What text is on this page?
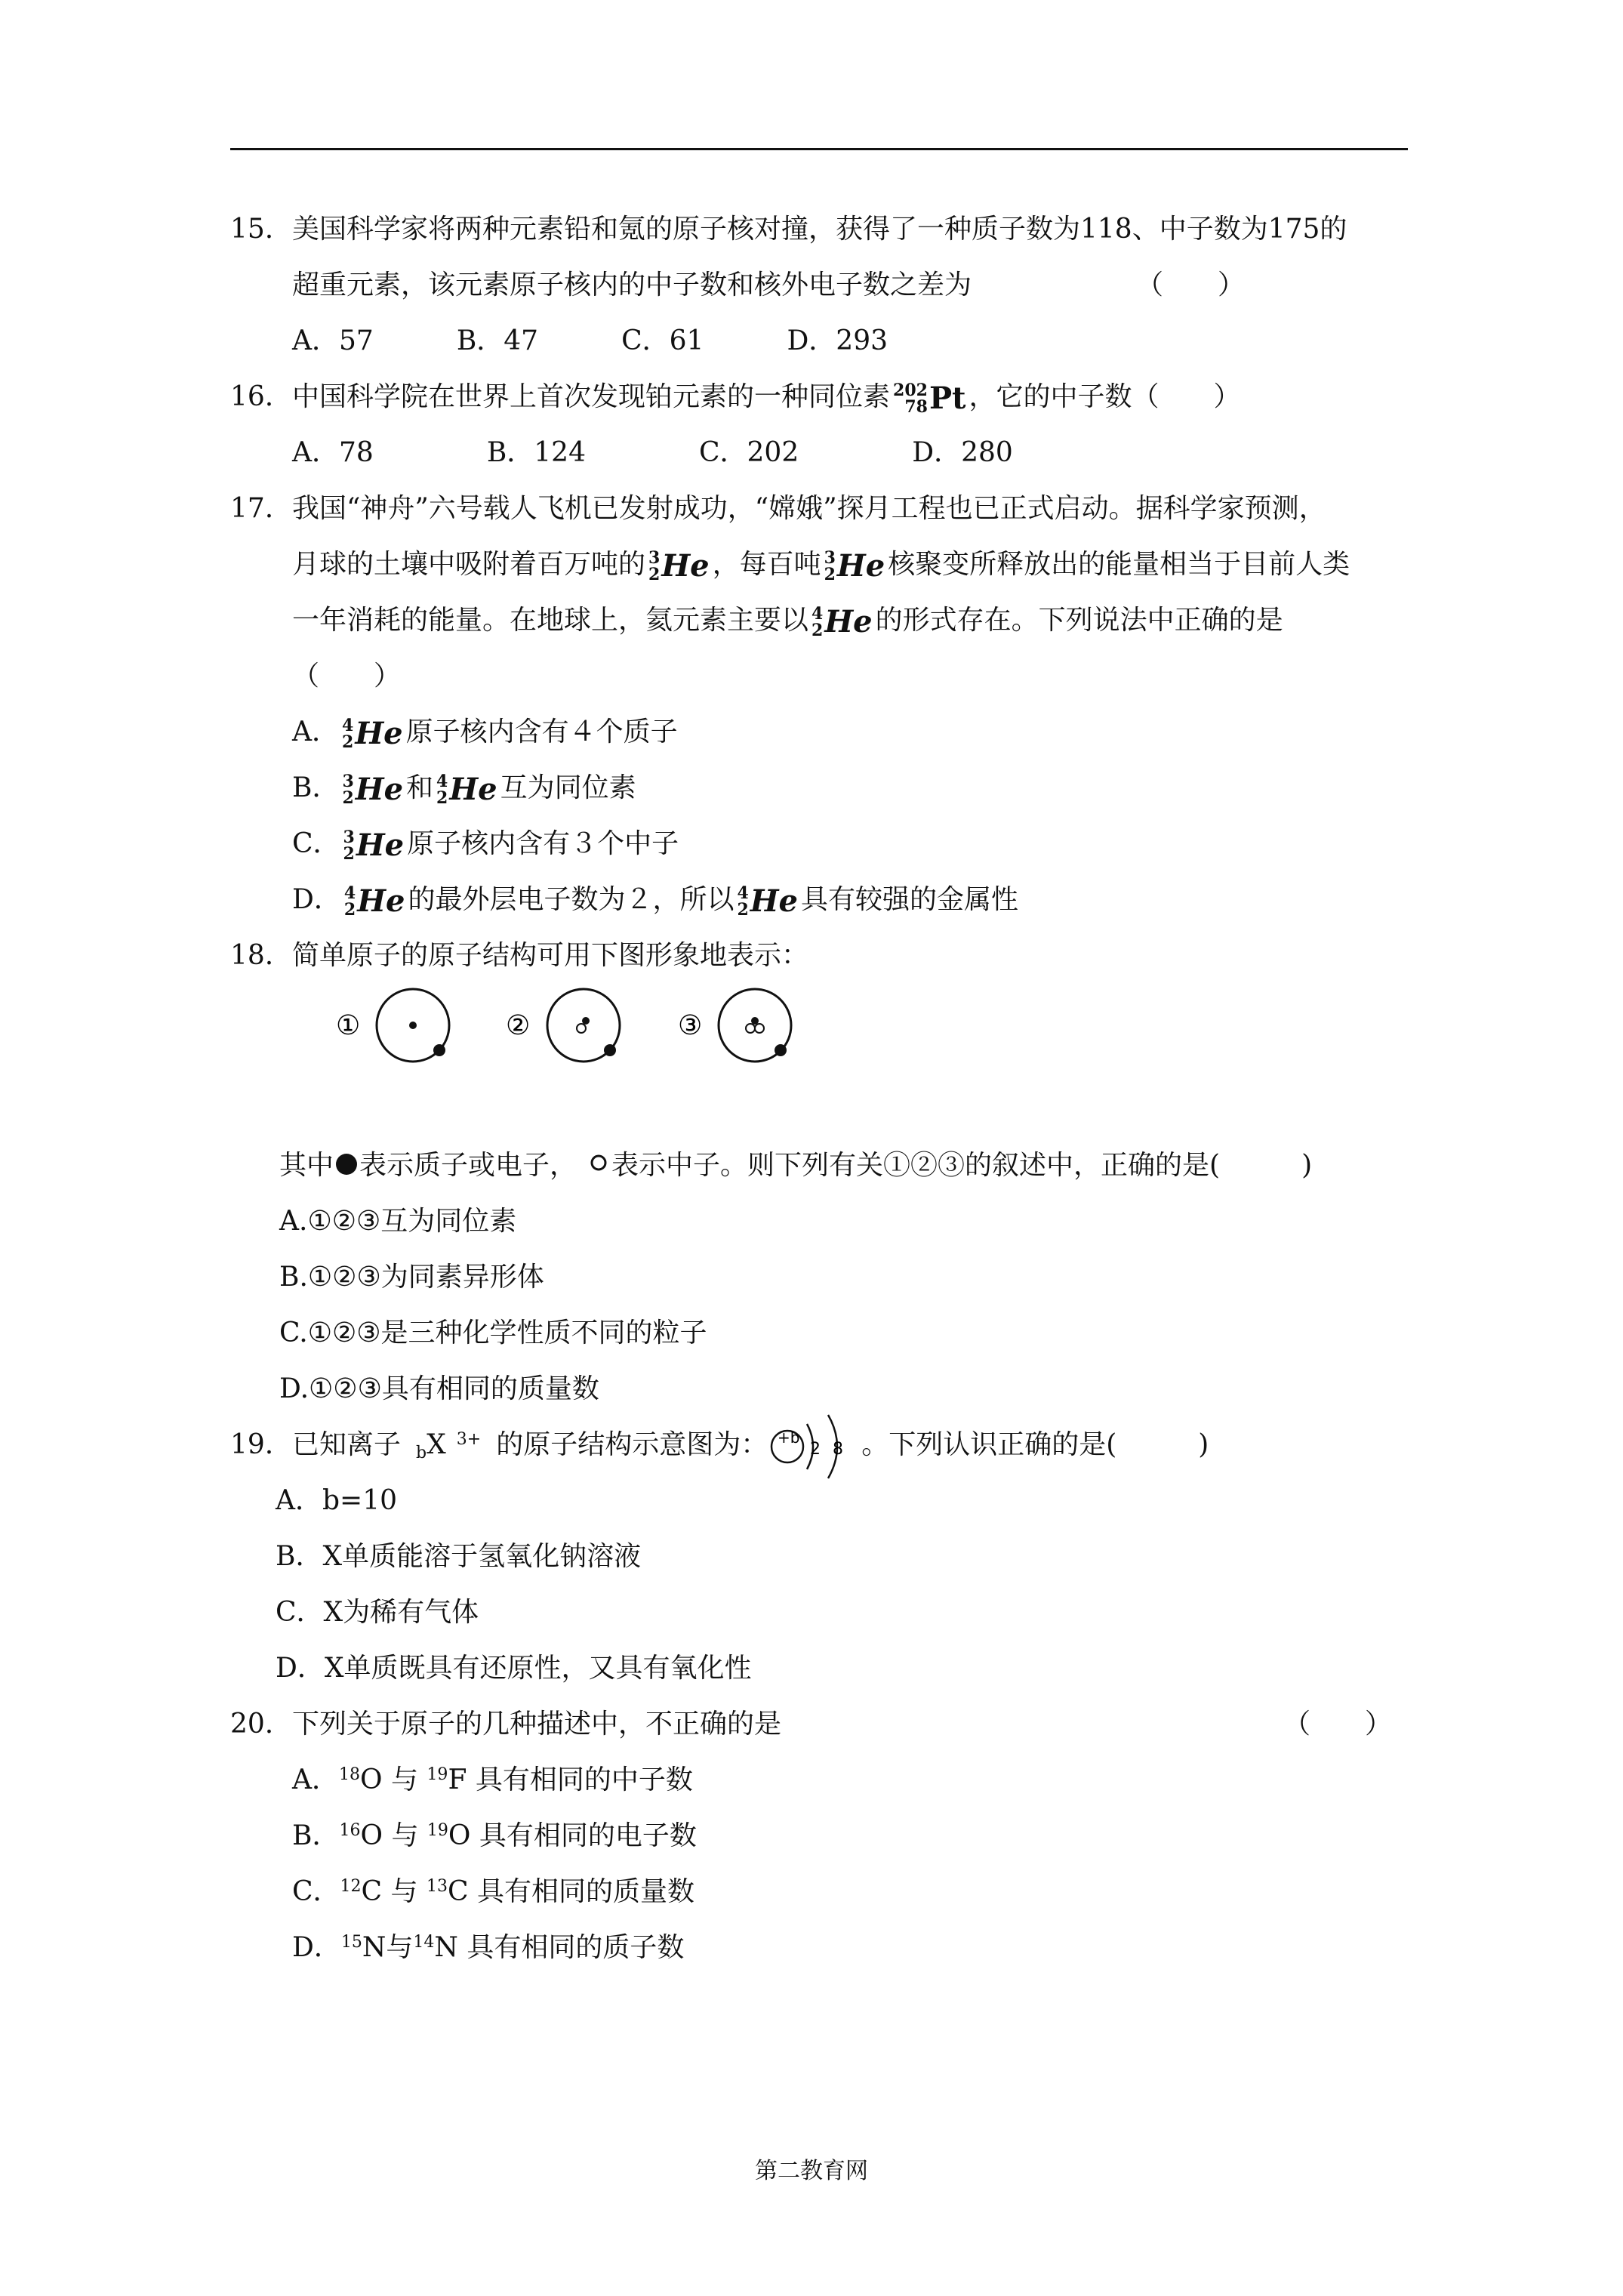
15. 美国科学家将两种元素铅和氪的原子核对撞，获得了一种质子数为118、中子数为175的
超重元素，该元素原子核内的中子数和核外电子数之差为	（　　）
A．57	B．47	C．61	D．293
16. 中国科学院在世界上首次发现铂元素的一种同位素 202
78 Pt ，它的中子数（　　）
A．78	B．124	C．202	D．280
17. 我国“神舟”六号载人飞机已发射成功，“嫦娥”探月工程也已正式启动。据科学家预测，
月球的土壤中吸附着百万吨的 3
2 He ，每百吨 3
2 He 核聚变所释放出的能量相当于目前人类
一年消耗的能量。在地球上，氦元素主要以 4
2 He 的形式存在。下列说法中正确的是
（　　）
A． 4
2 He 原子核内含有４个质子
B． 3
2 He 和 4
2 He 互为同位素
C． 3
2 He 原子核内含有３个中子
D． 4
2 He 的最外层电子数为２，所以 4
2 He 具有较强的金属性
18. 简单原子的原子结构可用下图形象地表示：
①	②	③
其中 表示质子或电子， 表示中子。则下列有关①②③的叙述中，正确的是(　　　)
A.①②③互为同位素
B.①②③为同素异形体
C.①②③是三种化学性质不同的粒子
D.①②③具有相同的质量数
19. 已知离子 $_b$X $^{3+}$ 的原子结构示意图为： +b
2 8 。下列认识正确的是(　　　)
A．b=10
B．X单质能溶于氢氧化钠溶液
C．X为稀有气体
D．X单质既具有还原性，又具有氧化性
20. 下列关于原子的几种描述中，不正确的是	（　　）
A．$^{18}$O 与 $^{19}$F 具有相同的中子数
B．$^{16}$O 与 $^{19}$O 具有相同的电子数
C．$^{12}$C 与 $^{13}$C 具有相同的质量数
D．$^{15}$N与$^{14}$N 具有相同的质子数
第二教育网
